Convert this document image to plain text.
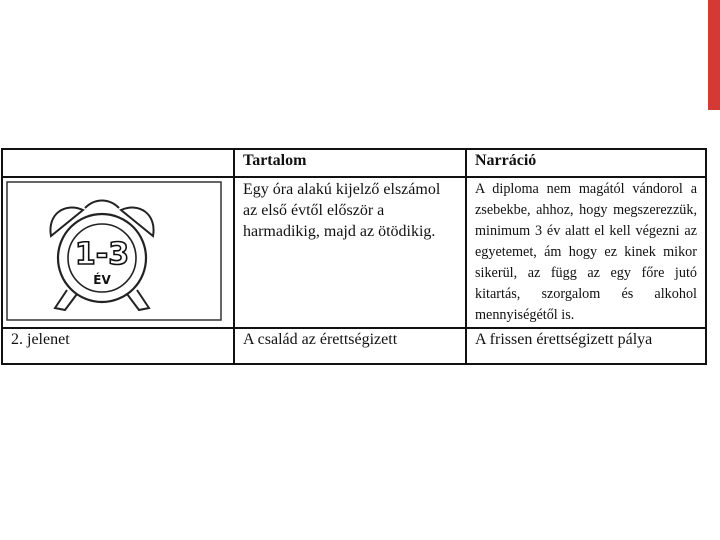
	Tartalom	Narráció

1-3
ÉV	Egy óra alakú kijelző elszámol az első évtől először a harmadikig, majd az ötödikig.	A diploma nem magától vándorol a zsebekbe, ahhoz, hogy megszerezzük, minimum 3 év alatt el kell végezni az egyetemet, ám hogy ez kinek mikor sikerül, az függ az egy főre jutó kitartás, szorgalom és alkohol mennyiségétől is.
2. jelenet	A család az érettségizett	A frissen érettségizett pálya
